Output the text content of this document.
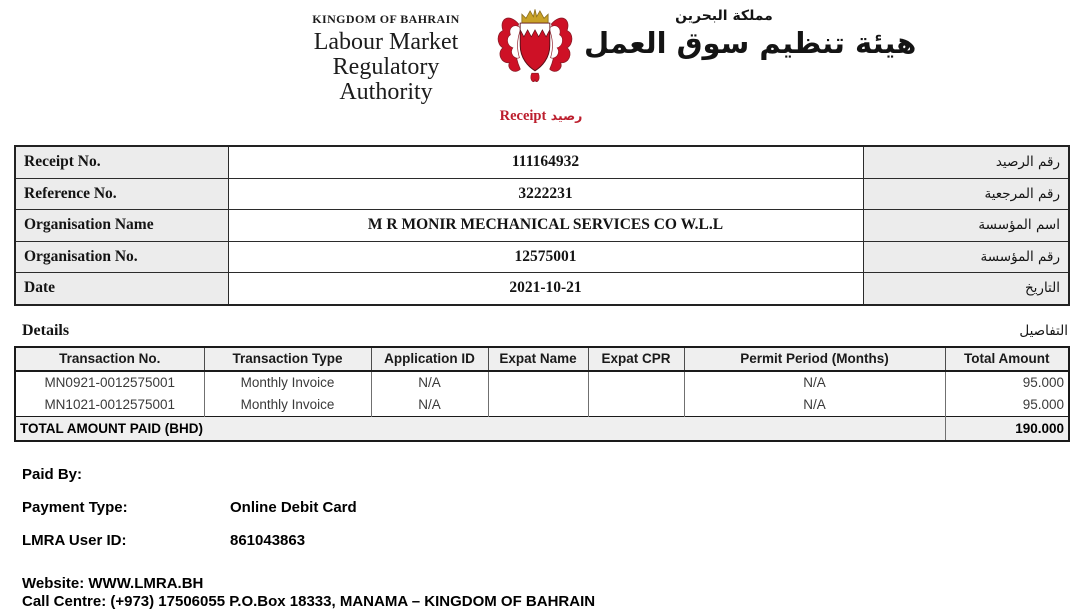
KINGDOM OF BAHRAIN
Labour Market
Regulatory Authority
مملكة البحرين
هيئة تنظيم سوق العمل
Receipt رصيد
Receipt No.	111164932	رقم الرصيد
Reference No.	3222231	رقم المرجعية
Organisation Name	M R MONIR MECHANICAL SERVICES CO W.L.L	اسم المؤسسة
Organisation No.	12575001	رقم المؤسسة
Date	2021-10-21	التاريخ
Details	التفاصيل
Transaction No.	Transaction Type	Application ID	Expat Name	Expat CPR	Permit Period (Months)	Total Amount
MN0921-0012575001	Monthly Invoice	N/A			N/A	95.000
MN1021-0012575001	Monthly Invoice	N/A			N/A	95.000
TOTAL AMOUNT PAID (BHD)						190.000
Paid By:
Payment Type:	Online Debit Card
LMRA User ID:	861043863
Website: WWW.LMRA.BH
Call Centre: (+973) 17506055 P.O.Box 18333, MANAMA – KINGDOM OF BAHRAIN
